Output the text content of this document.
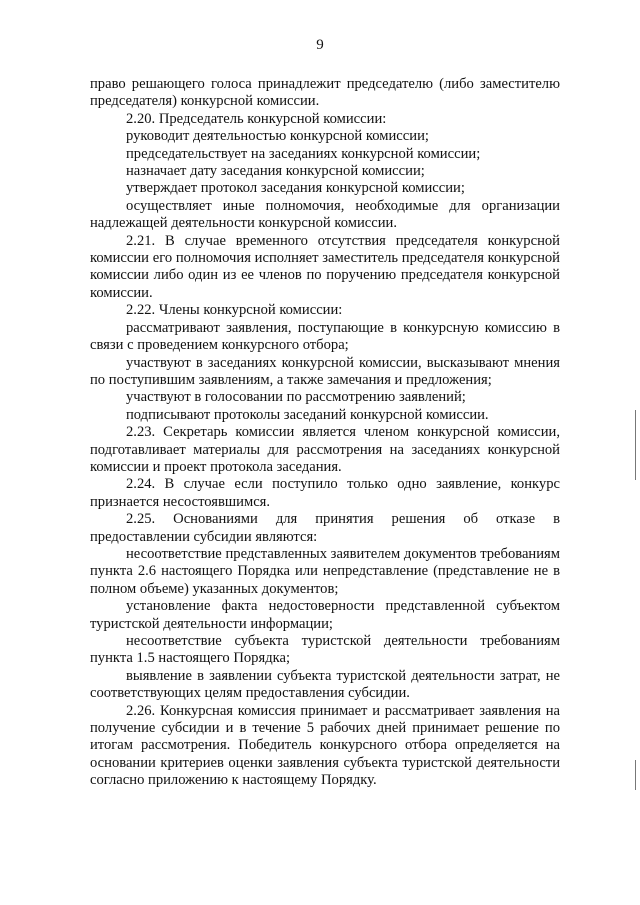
9

право решающего голоса принадлежит председателю (либо заместителю председателя) конкурсной комиссии.

2.20. Председатель конкурсной комиссии:

руководит деятельностью конкурсной комиссии;

председательствует на заседаниях конкурсной комиссии;

назначает дату заседания конкурсной комиссии;

утверждает протокол заседания конкурсной комиссии;

осуществляет иные полномочия, необходимые для организации надлежащей деятельности конкурсной комиссии.

2.21. В случае временного отсутствия председателя конкурсной комиссии его полномочия исполняет заместитель председателя конкурсной комиссии либо один из ее членов по поручению председателя конкурсной комиссии.

2.22. Члены конкурсной комиссии:

рассматривают заявления, поступающие в конкурсную комиссию в связи с проведением конкурсного отбора;

участвуют в заседаниях конкурсной комиссии, высказывают мнения по поступившим заявлениям, а также замечания и предложения;

участвуют в голосовании по рассмотрению заявлений;

подписывают протоколы заседаний конкурсной комиссии.

2.23. Секретарь комиссии является членом конкурсной комиссии, подготавливает материалы для рассмотрения на заседаниях конкурсной комиссии и проект протокола заседания.

2.24. В случае если поступило только одно заявление, конкурс признается несостоявшимся.

2.25. Основаниями для принятия решения об отказе в предоставлении субсидии являются:

несоответствие представленных заявителем документов требованиям пункта 2.6 настоящего Порядка или непредставление (представление не в полном объеме) указанных документов;

установление факта недостоверности представленной субъектом туристской деятельности информации;

несоответствие субъекта туристской деятельности требованиям пункта 1.5 настоящего Порядка;

выявление в заявлении субъекта туристской деятельности затрат, не соответствующих целям предоставления субсидии.

2.26. Конкурсная комиссия принимает и рассматривает заявления на получение субсидии и в течение 5 рабочих дней принимает решение по итогам рассмотрения. Победитель конкурсного отбора определяется на основании критериев оценки заявления субъекта туристской деятельности согласно приложению к настоящему Порядку.
